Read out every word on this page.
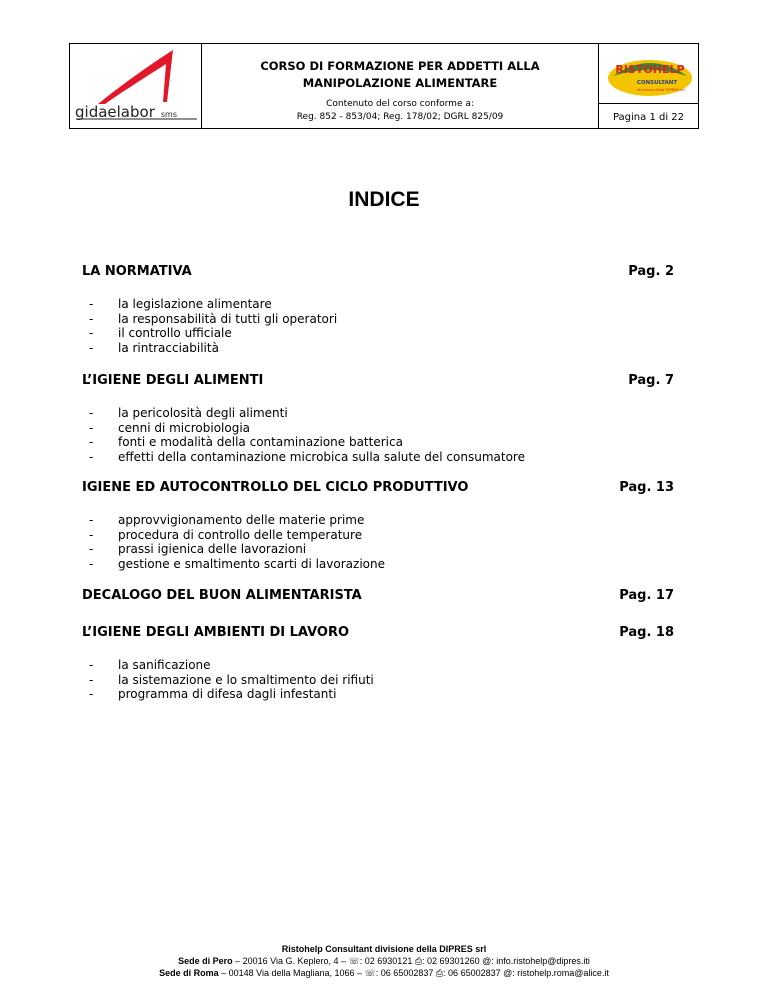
gidaelabor sms
CORSO DI FORMAZIONE PER ADDETTI ALLA
MANIPOLAZIONE ALIMENTARE
Contenuto del corso conforme a:
Reg. 852 - 853/04; Reg. 178/02; DGRL 825/09
RISTOHELP
CONSULTANT
divisione della DIPRES srl
Pagina 1 di 22
INDICE
LA NORMATIVA	Pag. 2
- la legislazione alimentare
- la responsabilità di tutti gli operatori
- il controllo ufficiale
- la rintracciabilità
L’IGIENE DEGLI ALIMENTI	Pag. 7
- la pericolosità degli alimenti
- cenni di microbiologia
- fonti e modalità della contaminazione batterica
- effetti della contaminazione microbica sulla salute del consumatore
IGIENE ED AUTOCONTROLLO DEL CICLO PRODUTTIVO	Pag. 13
- approvvigionamento delle materie prime
- procedura di controllo delle temperature
- prassi igienica delle lavorazioni
- gestione e smaltimento scarti di lavorazione
DECALOGO DEL BUON ALIMENTARISTA	Pag. 17
L’IGIENE DEGLI AMBIENTI DI LAVORO	Pag. 18
- la sanificazione
- la sistemazione e lo smaltimento dei rifiuti
- programma di difesa dagli infestanti
Ristohelp Consultant divisione della DIPRES srl
Sede di Pero – 20016 Via G. Keplero, 4 – ☏: 02 6930121 ⎙: 02 69301260 @: info.ristohelp@dipres.iti
Sede di Roma – 00148 Via della Magliana, 1066 – ☏: 06 65002837 ⎙: 06 65002837 @: ristohelp.roma@alice.it
